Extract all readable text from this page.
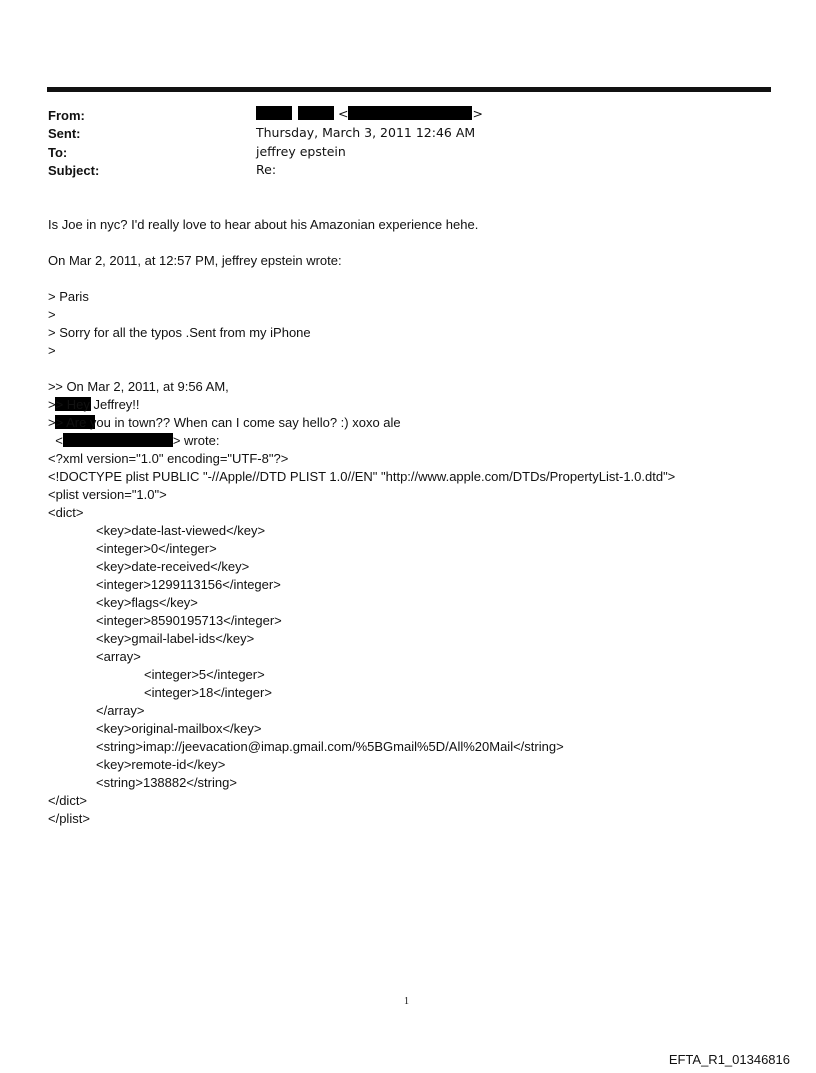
From:	<	>
Sent:	Thursday, March 3, 2011 12:46 AM
To:	jeffrey epstein
Subject:	Re:
Is Joe in nyc? I'd really love to hear about his Amazonian experience hehe.
On Mar 2, 2011, at 12:57 PM, jeffrey epstein wrote:
> Paris
>
> Sorry for all the typos .Sent from my iPhone
>

> On Mar 2, 2011, at 9:56 AM,

<	> wrote:

>
>> Hey Jeffrey!!
>> Are you in town?? When can I come say hello? :) xoxo ale
<?xml version="1.0" encoding="UTF-8"?>
<!DOCTYPE plist PUBLIC "-//Apple//DTD PLIST 1.0//EN" "http://www.apple.com/DTDs/PropertyList-1.0.dtd">
<plist version="1.0">
<dict>
<key>date-last-viewed</key>
<integer>0</integer>
<key>date-received</key>
<integer>1299113156</integer>
<key>flags</key>
<integer>8590195713</integer>
<key>gmail-label-ids</key>
<array>
<integer>5</integer>
<integer>18</integer>
</array>
<key>original-mailbox</key>
<string>imap://jeevacation@imap.gmail.com/%5BGmail%5D/All%20Mail</string>
<key>remote-id</key>
<string>138882</string>
</dict>
</plist>
1
EFTA_R1_01346816
